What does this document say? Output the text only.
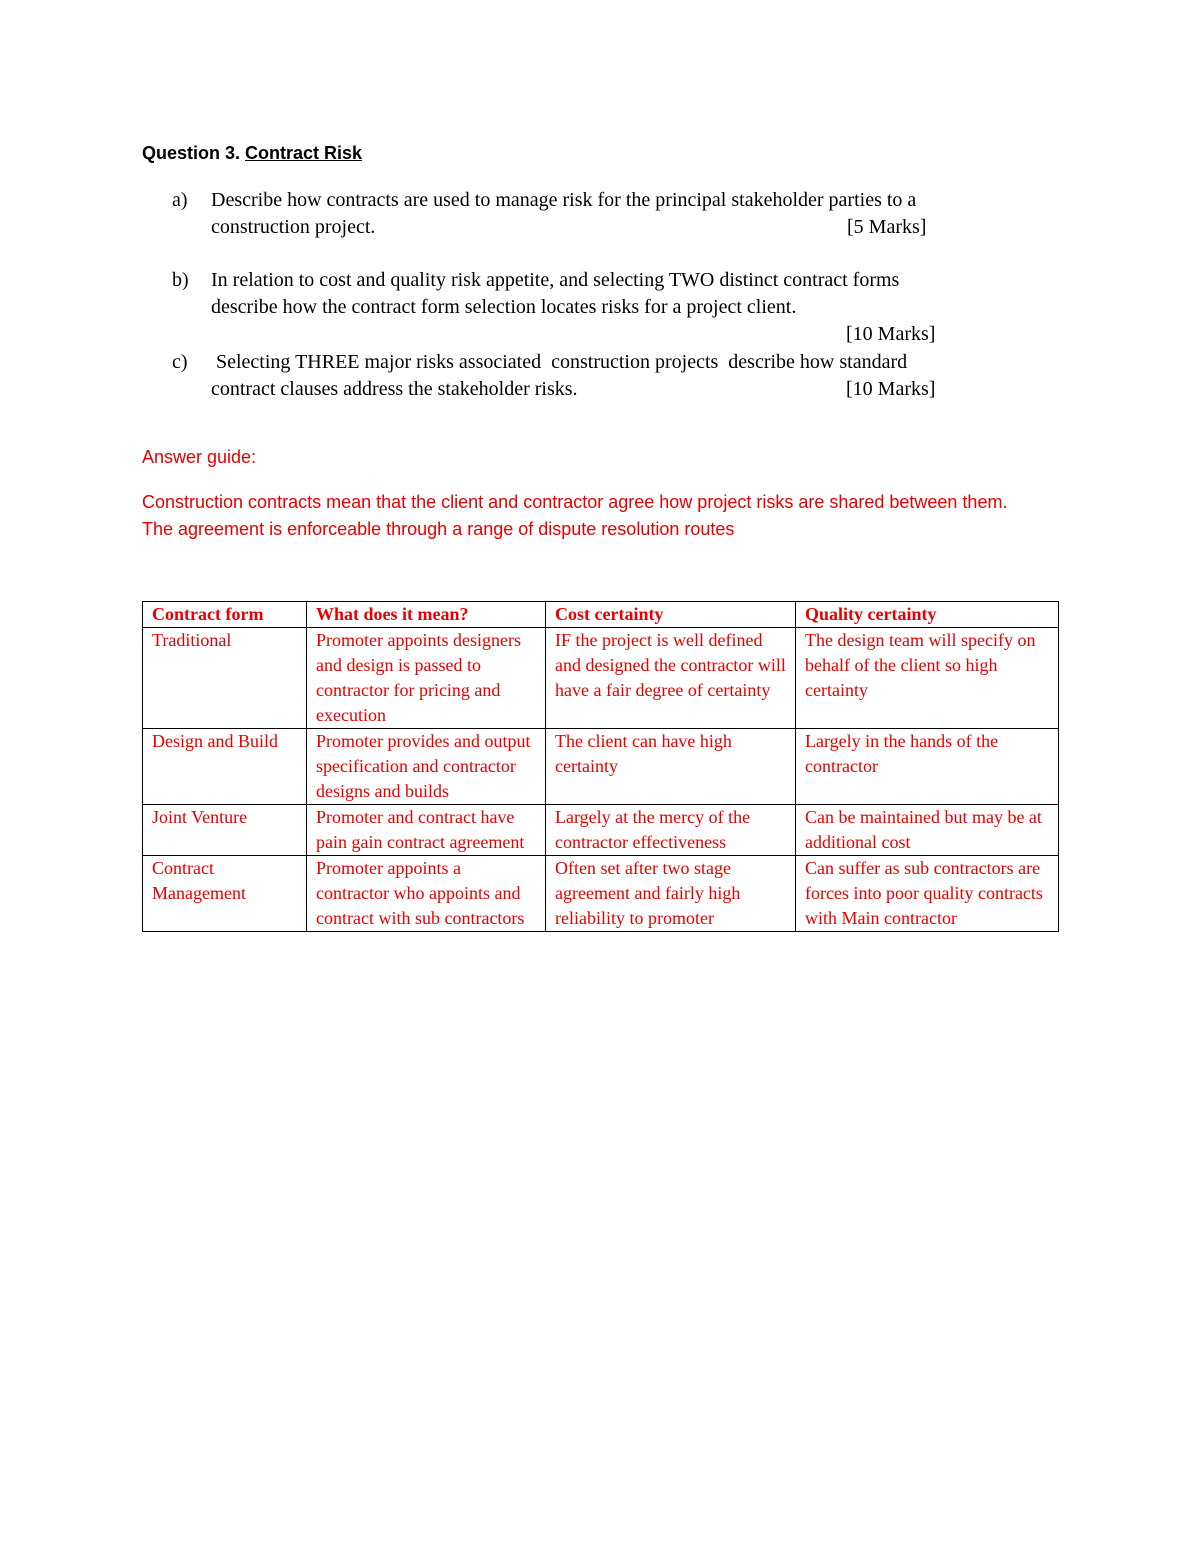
Question 3. Contract Risk
a)	Describe how contracts are used to manage risk for the principal stakeholder parties to a
construction project.	[5 Marks]
b)	In relation to cost and quality risk appetite, and selecting TWO distinct contract forms
describe how the contract form selection locates risks for a project client.
[10 Marks]
c)	Selecting THREE major risks associated  construction projects  describe how standard
contract clauses address the stakeholder risks.	[10 Marks]
Answer guide:
Construction contracts mean that the client and contractor agree how project risks are shared between them. The agreement is enforceable through a range of dispute resolution routes
Contract form	What does it mean?	Cost certainty	Quality certainty
Traditional	Promoter appoints designers and design is passed to contractor for pricing and execution	IF the project is well defined and designed the contractor will have a fair degree of certainty	The design team will specify on behalf of the client so high certainty
Design and Build	Promoter provides and output specification and contractor designs and builds	The client can have high certainty	Largely in the hands of the contractor
Joint Venture	Promoter and contract have pain gain contract agreement	Largely at the mercy of the contractor effectiveness	Can be maintained but may be at additional cost
Contract Management	Promoter appoints a contractor who appoints and contract with sub contractors	Often set after two stage agreement and fairly high reliability to promoter	Can suffer as sub contractors are forces into poor quality contracts with Main contractor
